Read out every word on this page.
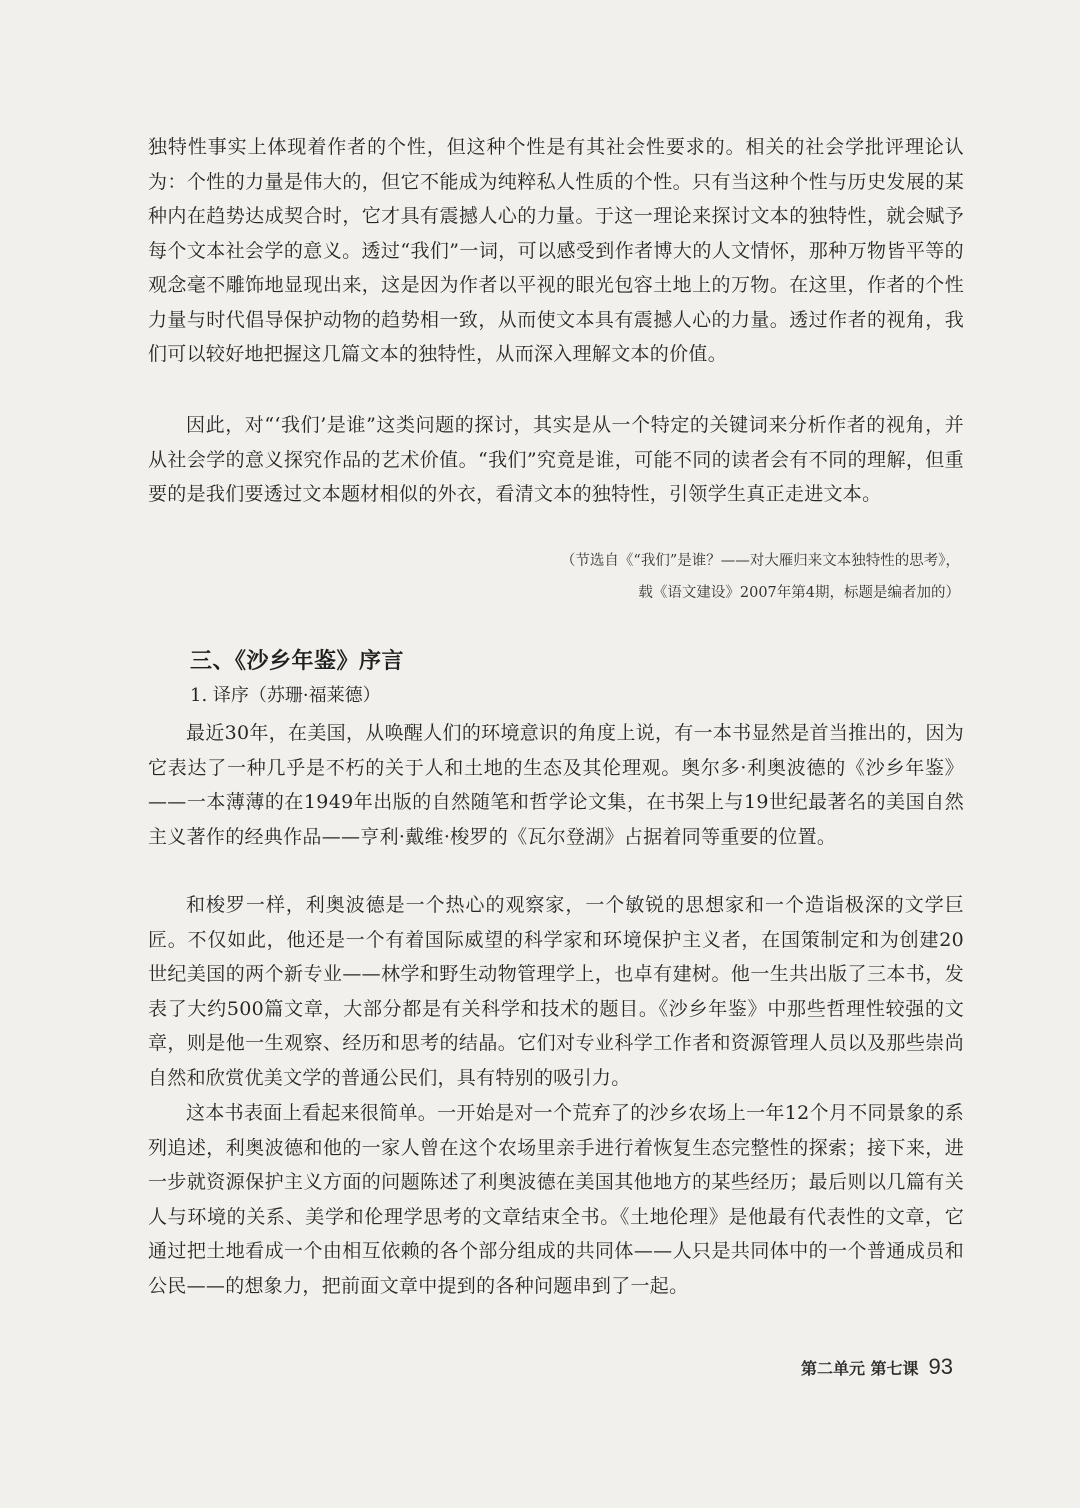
独特性事实上体现着作者的个性，但这种个性是有其社会性要求的。相关的社会学批评理论认为：个性的力量是伟大的，但它不能成为纯粹私人性质的个性。只有当这种个性与历史发展的某种内在趋势达成契合时，它才具有震撼人心的力量。于这一理论来探讨文本的独特性，就会赋予每个文本社会学的意义。透过“我们”一词，可以感受到作者博大的人文情怀，那种万物皆平等的观念毫不雕饰地显现出来，这是因为作者以平视的眼光包容土地上的万物。在这里，作者的个性力量与时代倡导保护动物的趋势相一致，从而使文本具有震撼人心的力量。透过作者的视角，我们可以较好地把握这几篇文本的独特性，从而深入理解文本的价值。

因此，对“‘我们’是谁”这类问题的探讨，其实是从一个特定的关键词来分析作者的视角，并从社会学的意义探究作品的艺术价值。“我们”究竟是谁，可能不同的读者会有不同的理解，但重要的是我们要透过文本题材相似的外衣，看清文本的独特性，引领学生真正走进文本。

（节选自《“我们”是谁？——对大雁归来文本独特性的思考》，
载《语文建设》2007年第4期，标题是编者加的）
三、《沙乡年鉴》序言
1. 译序（苏珊·福莱德）

最近30年，在美国，从唤醒人们的环境意识的角度上说，有一本书显然是首当推出的，因为它表达了一种几乎是不朽的关于人和土地的生态及其伦理观。奥尔多·利奥波德的《沙乡年鉴》——一本薄薄的在1949年出版的自然随笔和哲学论文集，在书架上与19世纪最著名的美国自然主义著作的经典作品——亨利·戴维·梭罗的《瓦尔登湖》占据着同等重要的位置。

和梭罗一样，利奥波德是一个热心的观察家，一个敏锐的思想家和一个造诣极深的文学巨匠。不仅如此，他还是一个有着国际威望的科学家和环境保护主义者，在国策制定和为创建20世纪美国的两个新专业——林学和野生动物管理学上，也卓有建树。他一生共出版了三本书，发表了大约500篇文章，大部分都是有关科学和技术的题目。《沙乡年鉴》中那些哲理性较强的文章，则是他一生观察、经历和思考的结晶。它们对专业科学工作者和资源管理人员以及那些崇尚自然和欣赏优美文学的普通公民们，具有特别的吸引力。

这本书表面上看起来很简单。一开始是对一个荒弃了的沙乡农场上一年12个月不同景象的系列追述，利奥波德和他的一家人曾在这个农场里亲手进行着恢复生态完整性的探索；接下来，进一步就资源保护主义方面的问题陈述了利奥波德在美国其他地方的某些经历；最后则以几篇有关人与环境的关系、美学和伦理学思考的文章结束全书。《土地伦理》是他最有代表性的文章，它通过把土地看成一个由相互依赖的各个部分组成的共同体——人只是共同体中的一个普通成员和公民——的想象力，把前面文章中提到的各种问题串到了一起。

第二单元 第七课 93
